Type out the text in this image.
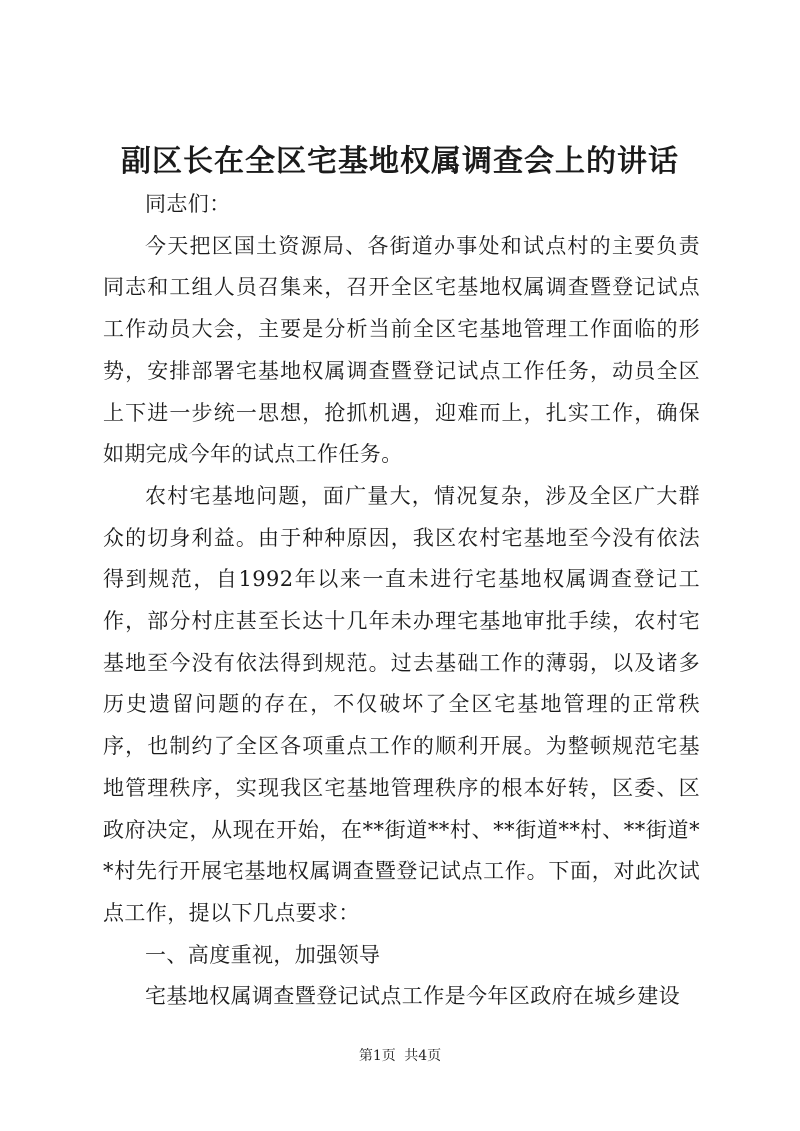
副区长在全区宅基地权属调查会上的讲话

同志们：

今天把区国土资源局、各街道办事处和试点村的主要负责同志和工组人员召集来，召开全区宅基地权属调查暨登记试点工作动员大会，主要是分析当前全区宅基地管理工作面临的形势，安排部署宅基地权属调查暨登记试点工作任务，动员全区上下进一步统一思想，抢抓机遇，迎难而上，扎实工作，确保如期完成今年的试点工作任务。

农村宅基地问题，面广量大，情况复杂，涉及全区广大群众的切身利益。由于种种原因，我区农村宅基地至今没有依法得到规范，自1992年以来一直未进行宅基地权属调查登记工作，部分村庄甚至长达十几年未办理宅基地审批手续，农村宅基地至今没有依法得到规范。过去基础工作的薄弱，以及诸多历史遗留问题的存在，不仅破坏了全区宅基地管理的正常秩序，也制约了全区各项重点工作的顺利开展。为整顿规范宅基地管理秩序，实现我区宅基地管理秩序的根本好转，区委、区政府决定，从现在开始，在**街道**村、**街道**村、**街道**村先行开展宅基地权属调查暨登记试点工作。下面，对此次试点工作，提以下几点要求：

一、高度重视，加强领导

宅基地权属调查暨登记试点工作是今年区政府在城乡建设

第1页 共4页
